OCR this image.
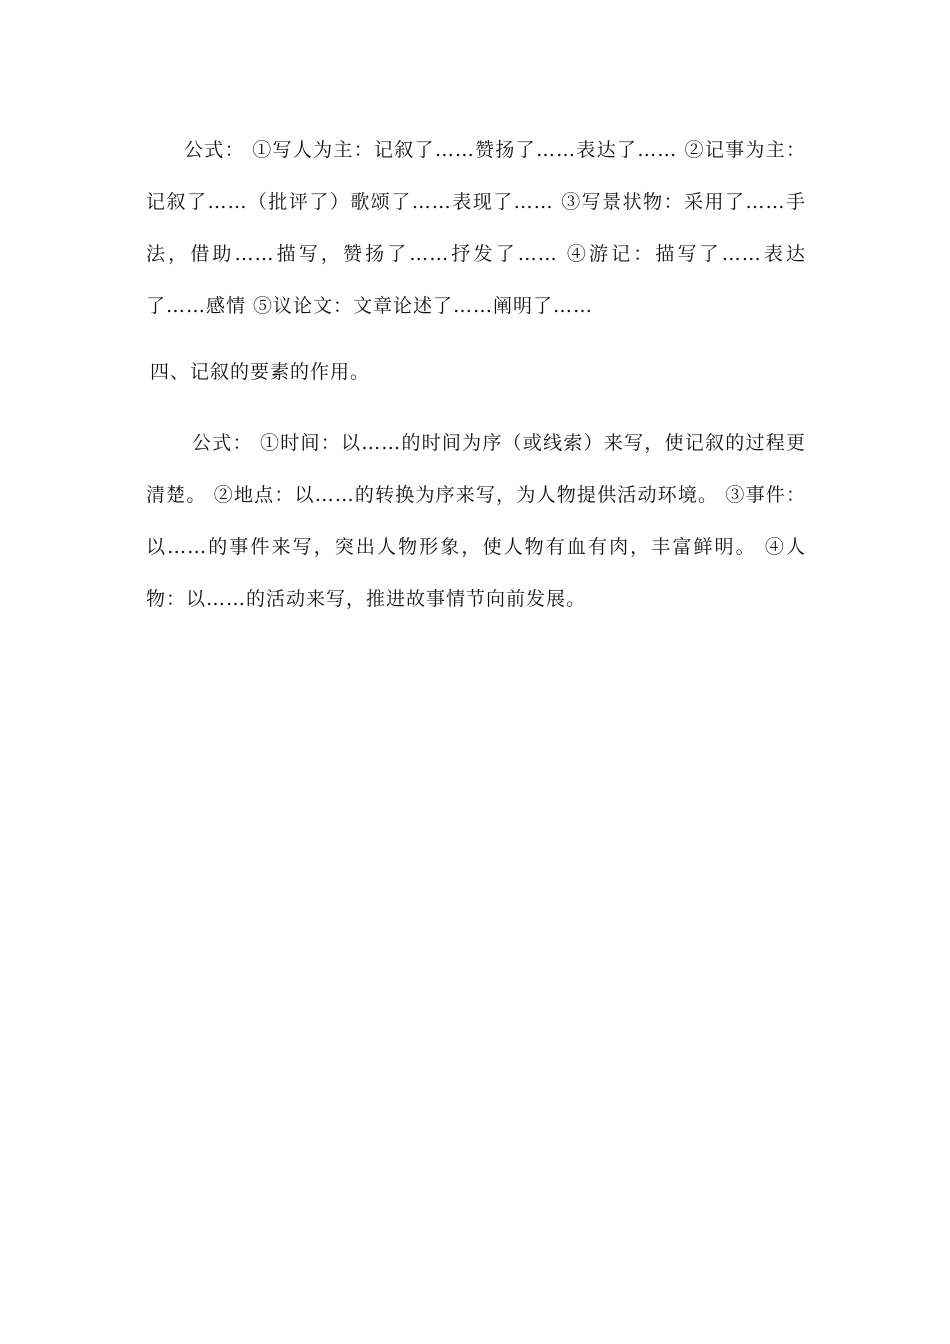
公式： ①写人为主：记叙了……赞扬了……表达了…… ②记事为主：记叙了……（批评了）歌颂了……表现了…… ③写景状物：采用了……手法，借助……描写，赞扬了……抒发了…… ④游记：描写了……表达了……感情 ⑤议论文：文章论述了……阐明了……

四、记叙的要素的作用。

公式： ①时间：以……的时间为序（或线索）来写，使记叙的过程更清楚。 ②地点：以……的转换为序来写，为人物提供活动环境。 ③事件：以……的事件来写，突出人物形象，使人物有血有肉，丰富鲜明。 ④人物：以……的活动来写，推进故事情节向前发展。
